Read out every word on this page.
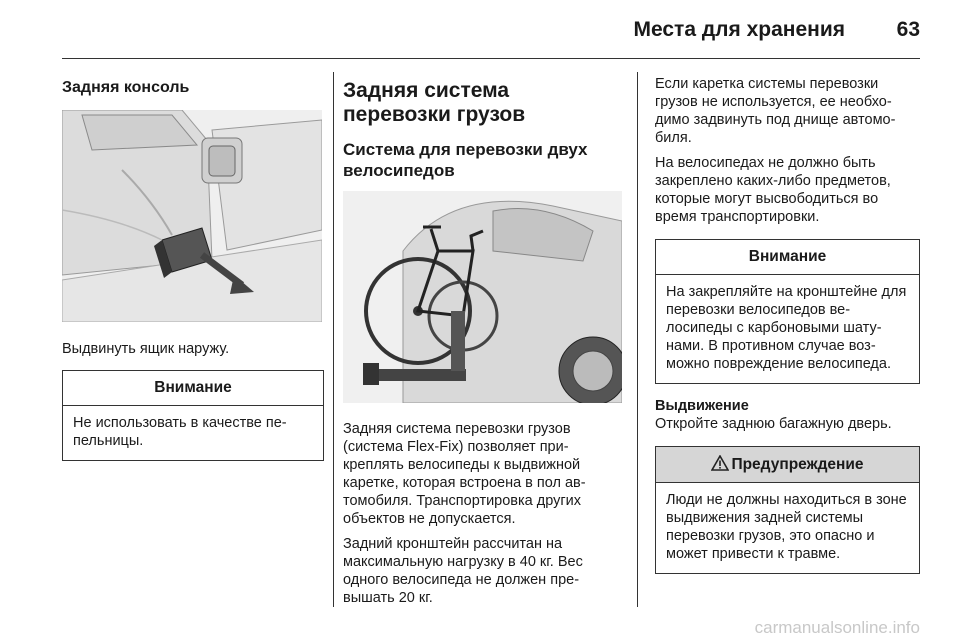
Места для хранения 63
Задняя консоль
Выдвинуть ящик наружу.
Внимание
Не использовать в качестве пепельницы.
Задняя система перевозки грузов
Система для перевозки двух велосипедов
Задняя система перевозки грузов (система Flex-Fix) позволяет прикреплять велосипеды к выдвижной каретке, которая встроена в пол автомобиля. Транспортировка других объектов не допускается.
Задний кронштейн рассчитан на максимальную нагрузку в 40 кг. Вес одного велосипеда не должен превышать 20 кг.
Если каретка системы перевозки грузов не используется, ее необходимо задвинуть под днище автомобиля.
На велосипедах не должно быть закреплено каких-либо предметов, которые могут высвободиться во время транспортировки.
Внимание
На закрепляйте на кронштейне для перевозки велосипедов велосипеды с карбоновыми шатунами. В противном случае возможно повреждение велосипеда.
Выдвижение
Откройте заднюю багажную дверь.
Предупреждение
Люди не должны находиться в зоне выдвижения задней системы перевозки грузов, это опасно и может привести к травме.
carmanualsonline.info
